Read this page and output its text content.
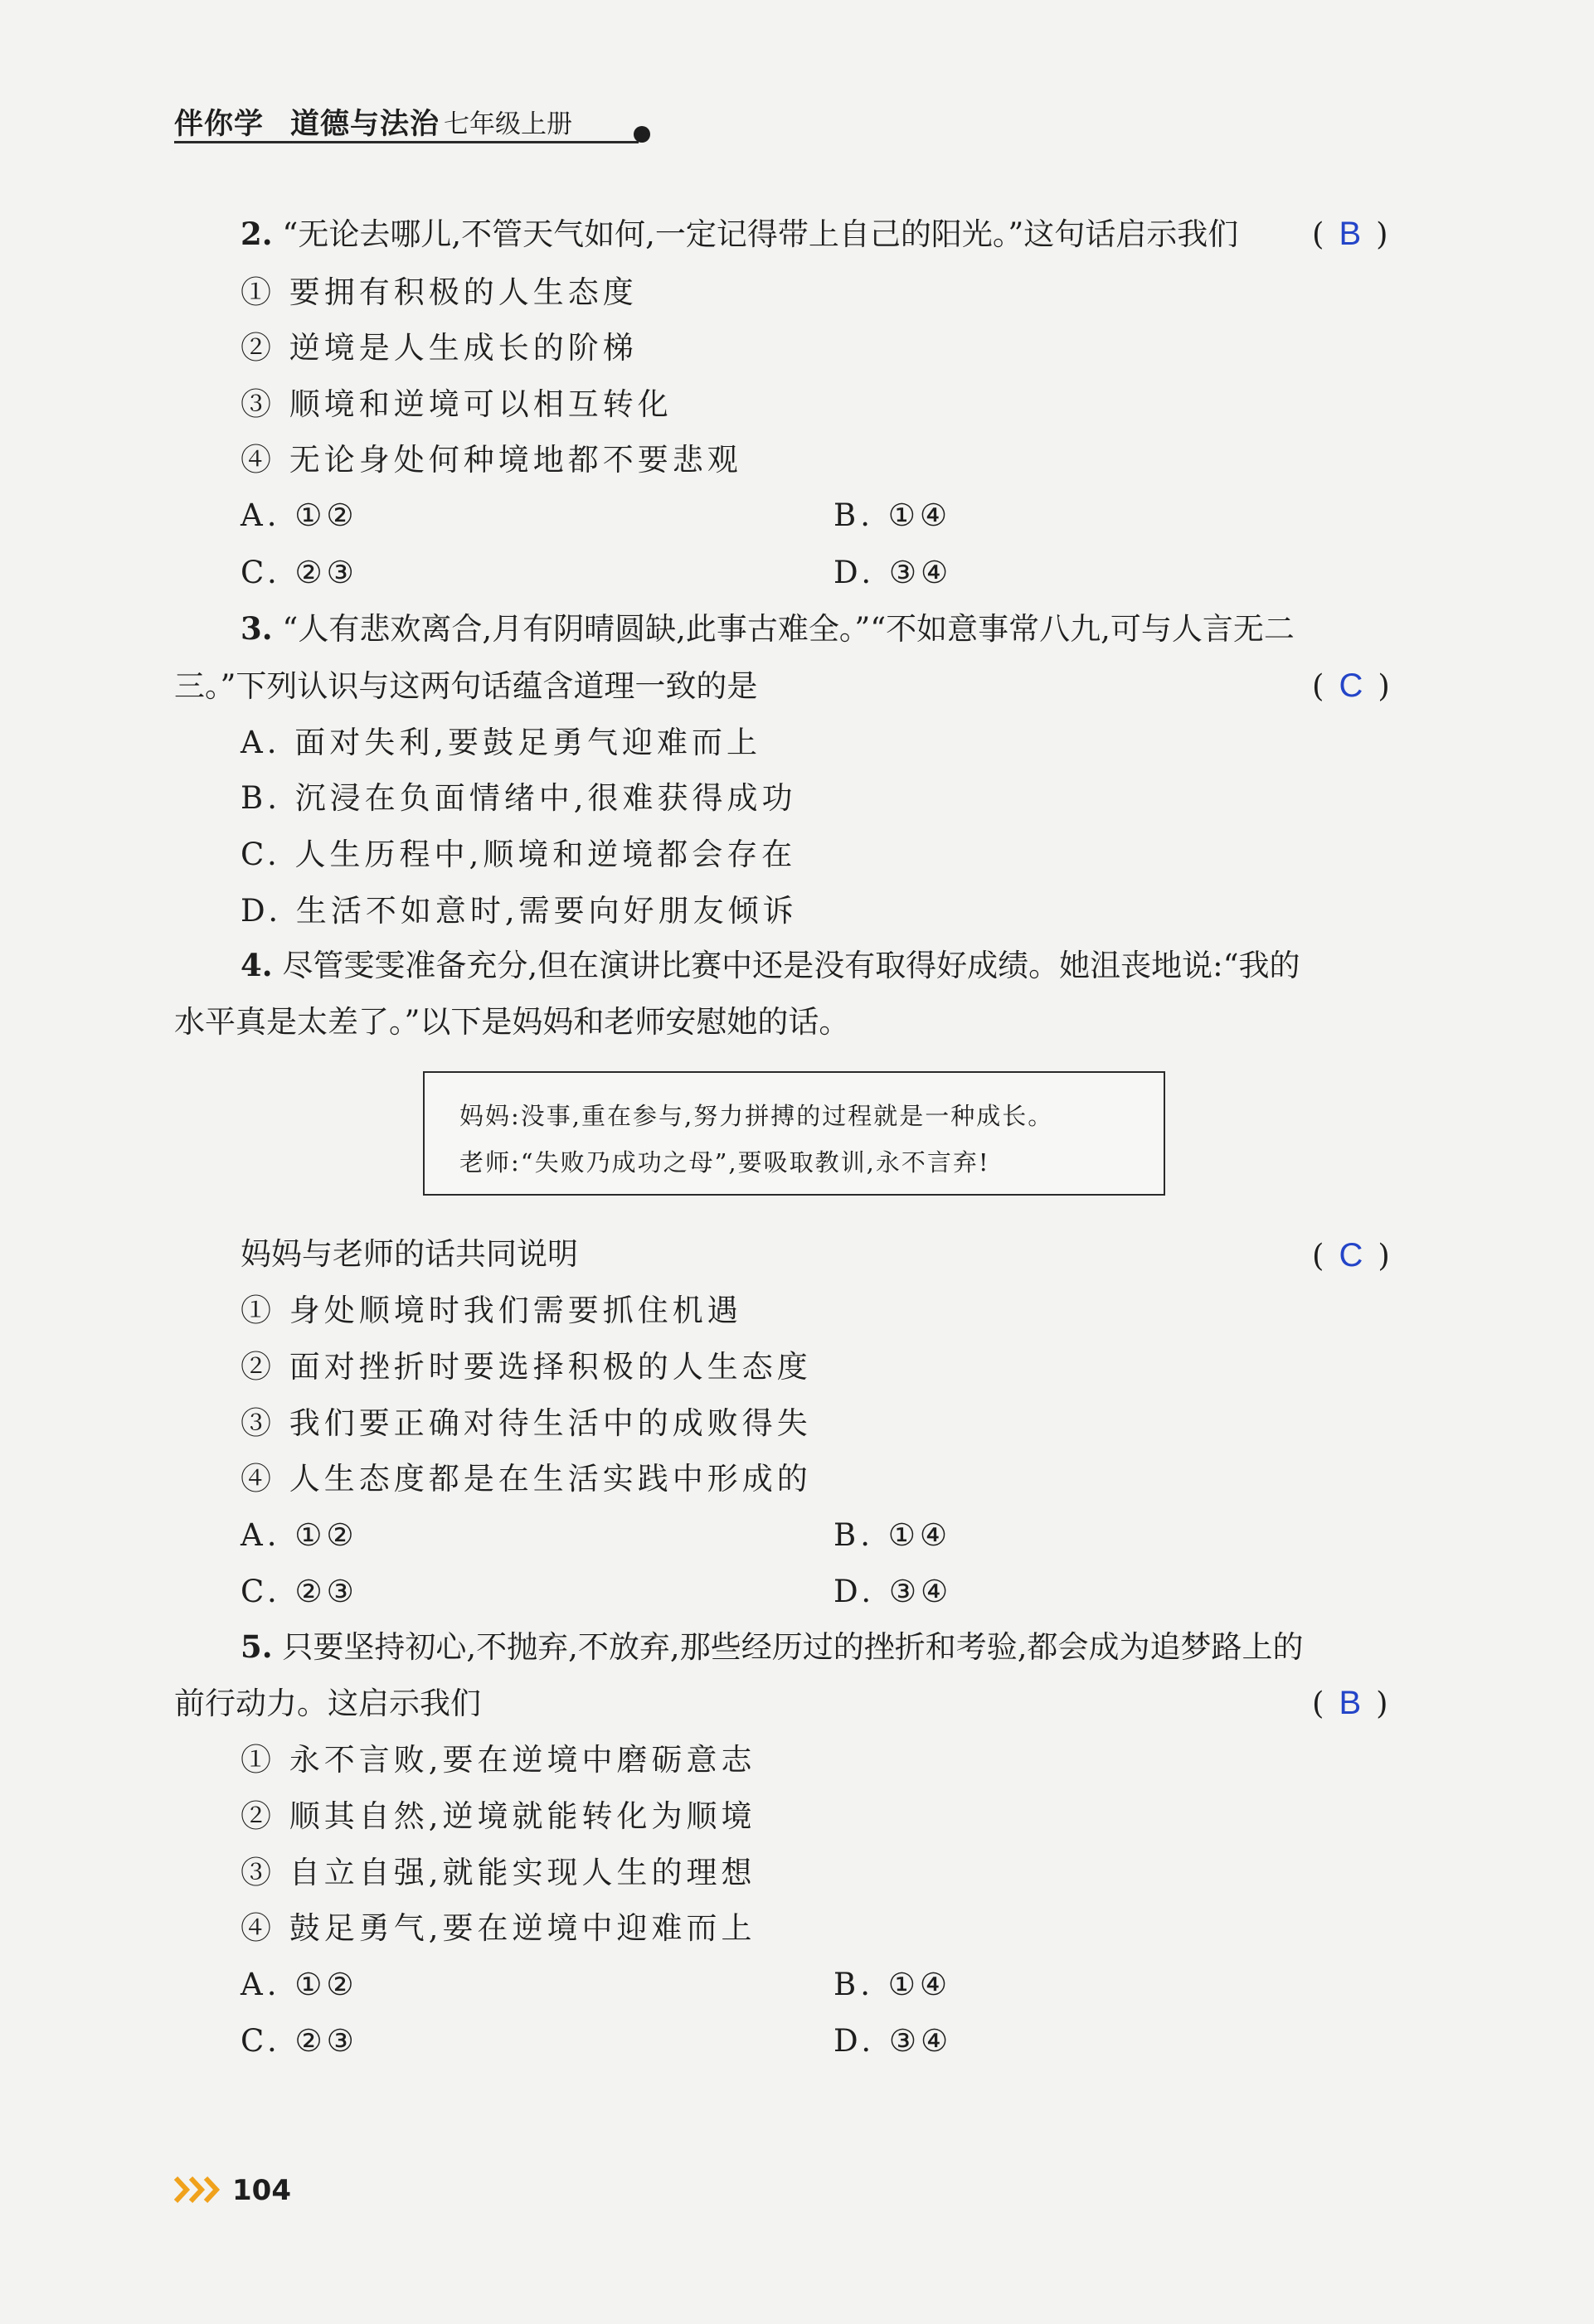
伴你学 道德与法治 七年级上册
2. “无论去哪儿,不管天气如何,一定记得带上自己的阳光。”这句话启示我们 ( B )
① 要拥有积极的人生态度
② 逆境是人生成长的阶梯
③ 顺境和逆境可以相互转化
④ 无论身处何种境地都不要悲观
A. ①②	B. ①④
C. ②③	D. ③④
3. “人有悲欢离合,月有阴晴圆缺,此事古难全。”“不如意事常八九,可与人言无二
三。”下列认识与这两句话蕴含道理一致的是	( C )
A. 面对失利,要鼓足勇气迎难而上
B. 沉浸在负面情绪中,很难获得成功
C. 人生历程中,顺境和逆境都会存在
D. 生活不如意时,需要向好朋友倾诉
4. 尽管雯雯准备充分,但在演讲比赛中还是没有取得好成绩。她沮丧地说:“我的
水平真是太差了。”以下是妈妈和老师安慰她的话。
妈妈:没事,重在参与,努力拼搏的过程就是一种成长。
老师:“失败乃成功之母”,要吸取教训,永不言弃!
妈妈与老师的话共同说明	( C )
① 身处顺境时我们需要抓住机遇
② 面对挫折时要选择积极的人生态度
③ 我们要正确对待生活中的成败得失
④ 人生态度都是在生活实践中形成的
A. ①②	B. ①④
C. ②③	D. ③④
5. 只要坚持初心,不抛弃,不放弃,那些经历过的挫折和考验,都会成为追梦路上的
前行动力。这启示我们	( B )
① 永不言败,要在逆境中磨砺意志
② 顺其自然,逆境就能转化为顺境
③ 自立自强,就能实现人生的理想
④ 鼓足勇气,要在逆境中迎难而上
A. ①②	B. ①④
C. ②③	D. ③④
104
